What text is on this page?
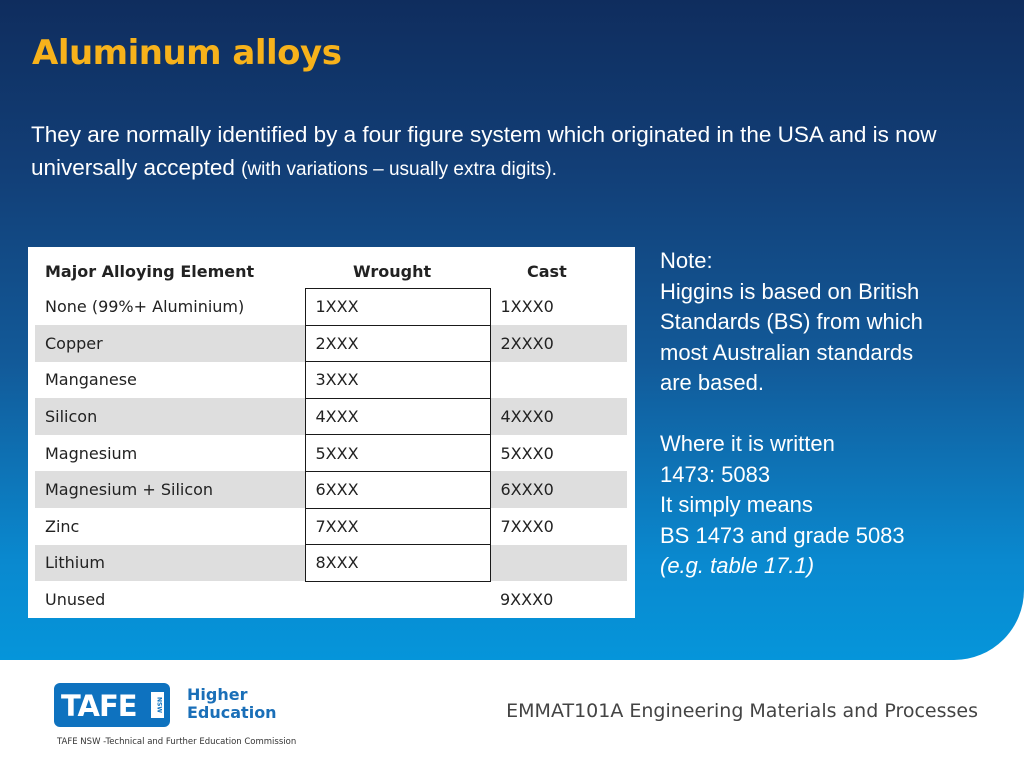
Aluminum alloys

They are normally identified by a four figure system which originated in the USA and is now universally accepted (with variations – usually extra digits).

Major Alloying Element	Wrought	Cast
None (99%+ Aluminium)	1XXX	1XXX0
Copper	2XXX	2XXX0
Manganese	3XXX	
Silicon	4XXX	4XXX0
Magnesium	5XXX	5XXX0
Magnesium + Silicon	6XXX	6XXX0
Zinc	7XXX	7XXX0
Lithium	8XXX	
Unused		9XXX0
Note:
Higgins is based on British
Standards (BS) from which
most Australian standards
are based.
Where it is written
1473: 5083
It simply means
BS 1473 and grade 5083
(e.g. table 17.1)
TAFE	NSW
Higher
Education	EMMAT101A Engineering Materials and Processes
TAFE NSW -Technical and Further Education Commission
